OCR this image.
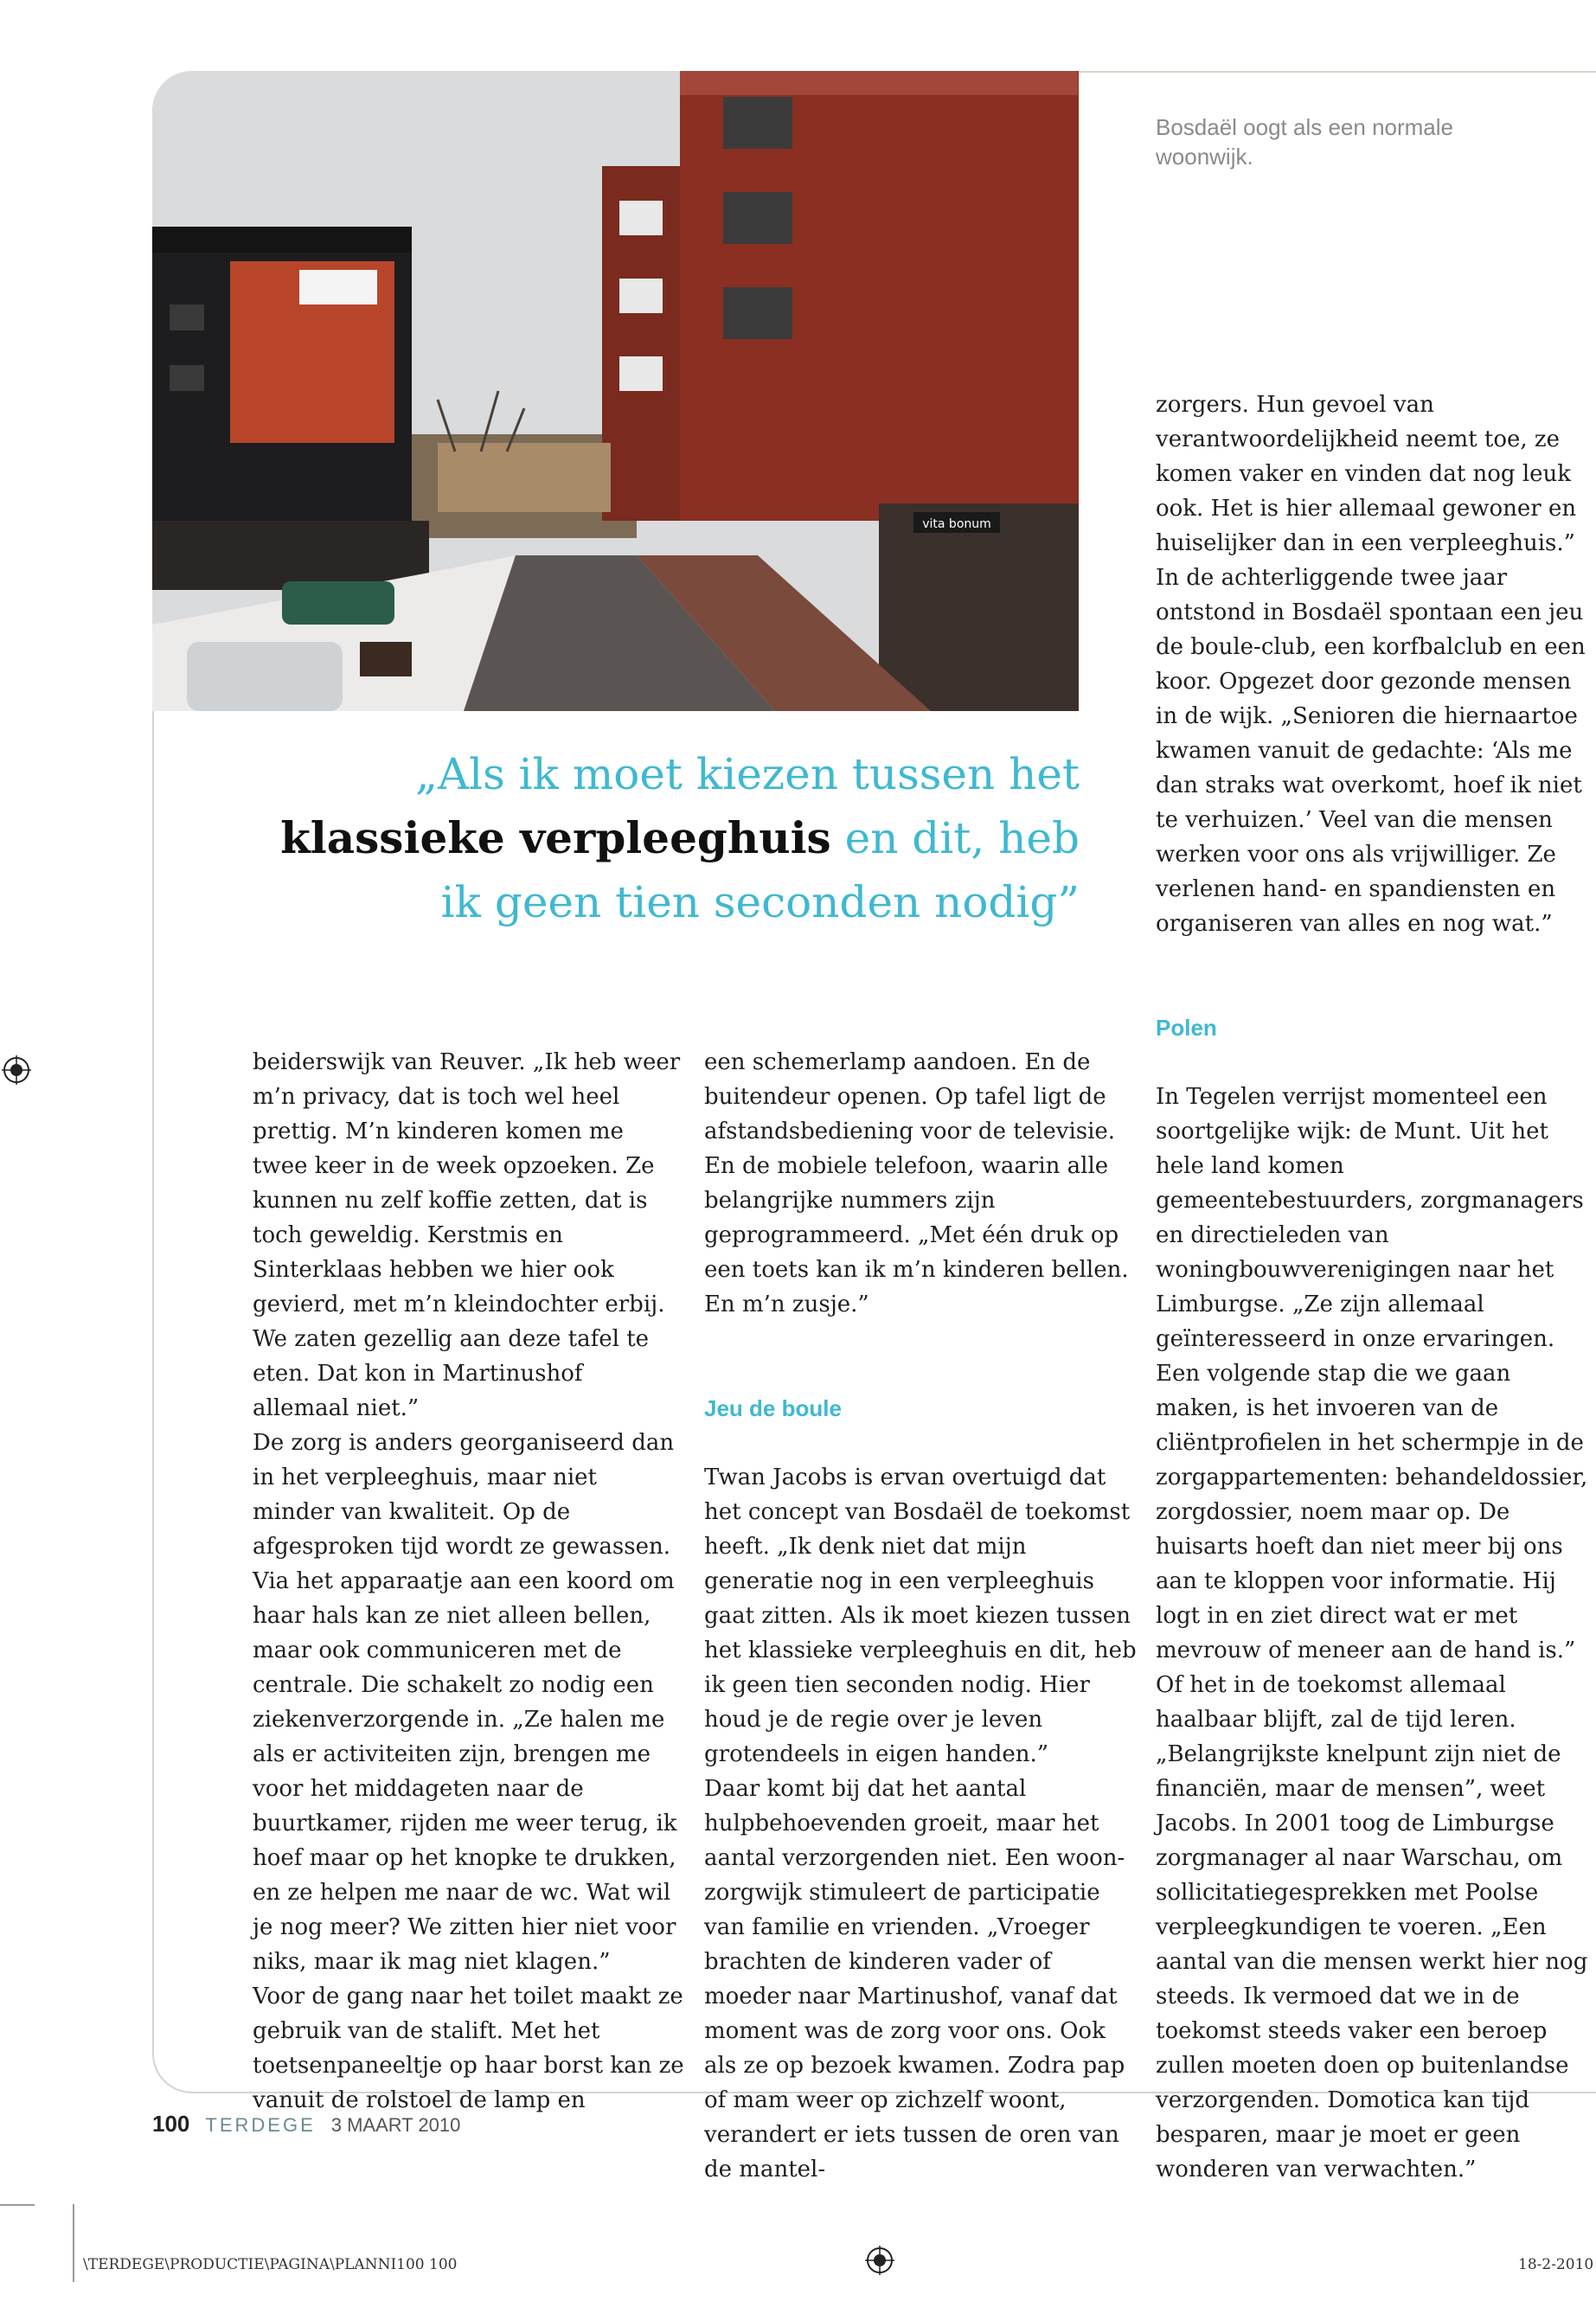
vita bonum
Bosdaël oogt als een normale woonwijk.
„Als ik moet kiezen tussen het
klassieke verpleeghuis en dit, heb
ik geen tien seconden nodig”

beiderswijk van Reuver. „Ik heb weer m’n privacy, dat is toch wel heel prettig. M’n kinderen komen me twee keer in de week opzoeken. Ze kunnen nu zelf koffie zetten, dat is toch geweldig. Kerstmis en Sinterklaas hebben we hier ook gevierd, met m’n kleindochter erbij. We zaten gezellig aan deze tafel te eten. Dat kon in Martinushof allemaal niet.”
De zorg is anders georganiseerd dan in het verpleeghuis, maar niet minder van kwaliteit. Op de afgesproken tijd wordt ze gewassen. Via het apparaatje aan een koord om haar hals kan ze niet alleen bellen, maar ook communiceren met de centrale. Die schakelt zo nodig een ziekenverzorgende in. „Ze halen me als er activiteiten zijn, brengen me voor het middageten naar de buurtkamer, rijden me weer terug, ik hoef maar op het knopke te drukken, en ze helpen me naar de wc. Wat wil je nog meer? We zitten hier niet voor niks, maar ik mag niet klagen.”
Voor de gang naar het toilet maakt ze gebruik van de stalift. Met het toetsenpaneeltje op haar borst kan ze vanuit de rolstoel de lamp en

een schemerlamp aandoen. En de buitendeur openen. Op tafel ligt de afstandsbediening voor de televisie. En de mobiele telefoon, waarin alle belangrijke nummers zijn geprogrammeerd. „Met één druk op een toets kan ik m’n kinderen bellen. En m’n zusje.”

Jeu de boule

Twan Jacobs is ervan overtuigd dat het concept van Bosdaël de toekomst heeft. „Ik denk niet dat mijn generatie nog in een verpleeghuis gaat zitten. Als ik moet kiezen tussen het klassieke verpleeghuis en dit, heb ik geen tien seconden nodig. Hier houd je de regie over je leven grotendeels in eigen handen.”
Daar komt bij dat het aantal hulpbehoevenden groeit, maar het aantal verzorgenden niet. Een woon-zorgwijk stimuleert de participatie van familie en vrienden. „Vroeger brachten de kinderen vader of moeder naar Martinushof, vanaf dat moment was de zorg voor ons. Ook als ze op bezoek kwamen. Zodra pap of mam weer op zichzelf woont, verandert er iets tussen de oren van de mantel-

zorgers. Hun gevoel van verantwoordelijkheid neemt toe, ze komen vaker en vinden dat nog leuk ook. Het is hier allemaal gewoner en huiselijker dan in een verpleeghuis.”
In de achterliggende twee jaar ontstond in Bosdaël spontaan een jeu de boule-club, een korfbalclub en een koor. Opgezet door gezonde mensen in de wijk. „Senioren die hiernaartoe kwamen vanuit de gedachte: ‘Als me dan straks wat overkomt, hoef ik niet te verhuizen.’ Veel van die mensen werken voor ons als vrijwilliger. Ze verlenen hand- en spandiensten en organiseren van alles en nog wat.”

Polen

In Tegelen verrijst momenteel een soortgelijke wijk: de Munt. Uit het hele land komen gemeentebestuurders, zorgmanagers en directieleden van woningbouwverenigingen naar het Limburgse. „Ze zijn allemaal geïnteresseerd in onze ervaringen. Een volgende stap die we gaan maken, is het invoeren van de cliëntprofielen in het schermpje in de zorgappartementen: behandeldossier, zorgdossier, noem maar op. De huisarts hoeft dan niet meer bij ons aan te kloppen voor informatie. Hij logt in en ziet direct wat er met mevrouw of meneer aan de hand is.”
Of het in de toekomst allemaal haalbaar blijft, zal de tijd leren. „Belangrijkste knelpunt zijn niet de financiën, maar de mensen”, weet Jacobs. In 2001 toog de Limburgse zorgmanager al naar Warschau, om sollicitatiegesprekken met Poolse verpleegkundigen te voeren. „Een aantal van die mensen werkt hier nog steeds. Ik vermoed dat we in de toekomst steeds vaker een beroep zullen moeten doen op buitenlandse verzorgenden. Domotica kan tijd besparen, maar je moet er geen wonderen van verwachten.”

100 TERDEGE 3 MAART 2010
\TERDEGE\PRODUCTIE\PAGINA\PLANNI100 100	18-2-2010
